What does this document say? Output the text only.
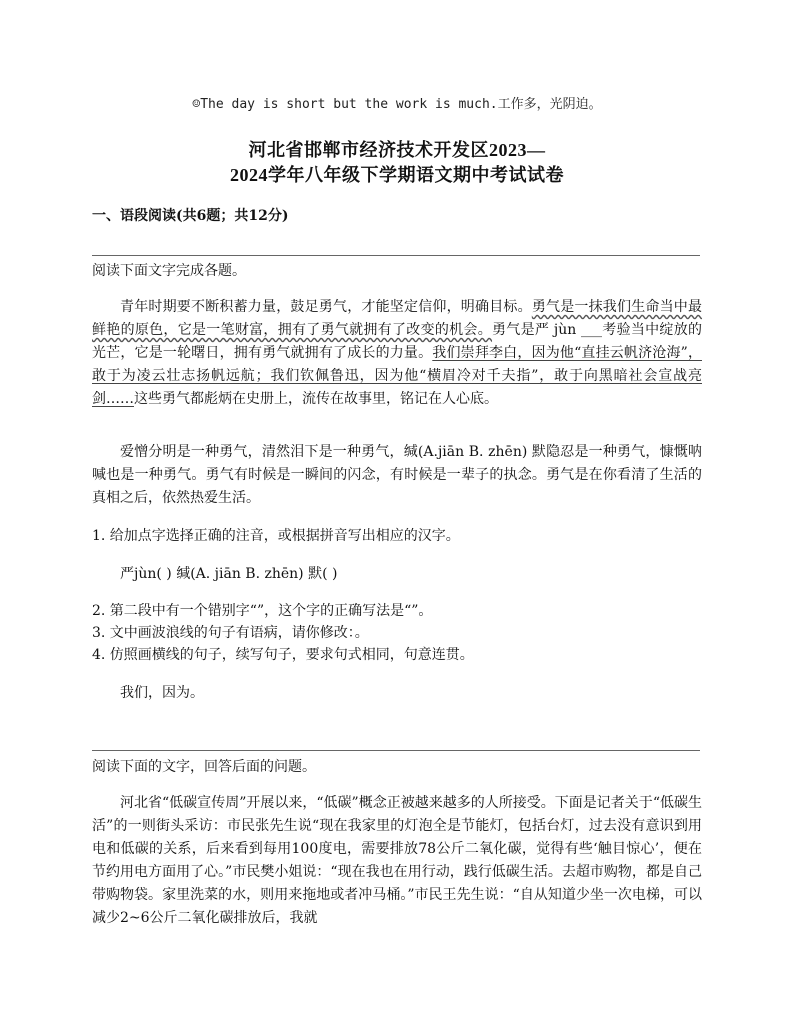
☺The day is short but the work is much.工作多，光阴迫。
河北省邯郸市经济技术开发区2023—
2024学年八年级下学期语文期中考试试卷
一、语段阅读(共6题；共12分)
阅读下面文字完成各题。
青年时期要不断积蓄力量，鼓足勇气，才能坚定信仰，明确目标。勇气是一抹我们生命当中最鲜艳的原色，它是一笔财富，拥有了勇气就拥有了改变的机会。勇气是严 jùn ___考验当中绽放的光芒，它是一轮曙日，拥有勇气就拥有了成长的力量。我们崇拜李白，因为他“直挂云帆济沧海”，敢于为凌云壮志扬帆远航；我们钦佩鲁迅，因为他“横眉冷对千夫指”，敢于向黑暗社会宣战亮剑……这些勇气都彪炳在史册上，流传在故事里，铭记在人心底。
爱憎分明是一种勇气，清然泪下是一种勇气，缄(A.jiān B. zhēn) 默隐忍是一种勇气，慷慨呐喊也是一种勇气。勇气有时候是一瞬间的闪念，有时候是一辈子的执念。勇气是在你看清了生活的真相之后，依然热爱生活。
1. 给加点字选择正确的注音，或根据拼音写出相应的汉字。
严jùn( ) 缄(A. jiān B. zhēn) 默( )
2. 第二段中有一个错别字“”，这个字的正确写法是“”。
3. 文中画波浪线的句子有语病，请你修改：。
4. 仿照画横线的句子，续写句子，要求句式相同，句意连贯。
我们，因为。
阅读下面的文字，回答后面的问题。
河北省“低碳宣传周”开展以来，“低碳”概念正被越来越多的人所接受。下面是记者关于“低碳生活”的一则街头采访：市民张先生说“现在我家里的灯泡全是节能灯，包括台灯，过去没有意识到用电和低碳的关系，后来看到每用100度电，需要排放78公斤二氧化碳，觉得有些‘触目惊心’，便在节约用电方面用了心。”市民樊小姐说：“现在我也在用行动，践行低碳生活。去超市购物，都是自己带购物袋。家里洗菜的水，则用来拖地或者冲马桶。”市民王先生说：“自从知道少坐一次电梯，可以减少2~6公斤二氧化碳排放后，我就
